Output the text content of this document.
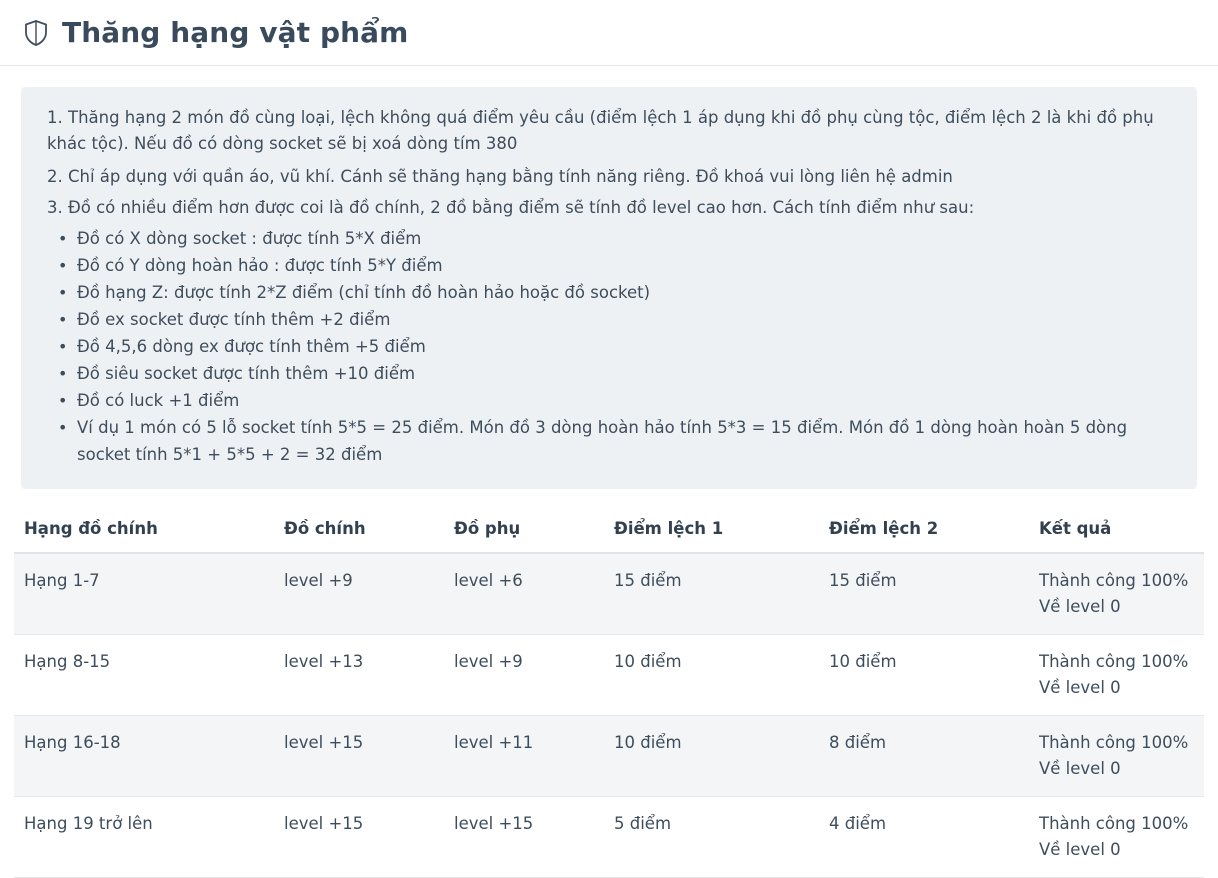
Thăng hạng vật phẩm

1. Thăng hạng 2 món đồ cùng loại, lệch không quá điểm yêu cầu (điểm lệch 1 áp dụng khi đồ phụ cùng tộc, điểm lệch 2 là khi đồ phụ khác tộc). Nếu đồ có dòng socket sẽ bị xoá dòng tím 380

2. Chỉ áp dụng với quần áo, vũ khí. Cánh sẽ thăng hạng bằng tính năng riêng. Đồ khoá vui lòng liên hệ admin

3. Đồ có nhiều điểm hơn được coi là đồ chính, 2 đồ bằng điểm sẽ tính đồ level cao hơn. Cách tính điểm như sau:

• Đồ có X dòng socket : được tính 5*X điểm
• Đồ có Y dòng hoàn hảo : được tính 5*Y điểm
• Đồ hạng Z: được tính 2*Z điểm (chỉ tính đồ hoàn hảo hoặc đồ socket)
• Đồ ex socket được tính thêm +2 điểm
• Đồ 4,5,6 dòng ex được tính thêm +5 điểm
• Đồ siêu socket được tính thêm +10 điểm
• Đồ có luck +1 điểm
• Ví dụ 1 món có 5 lỗ socket tính 5*5 = 25 điểm. Món đồ 3 dòng hoàn hảo tính 5*3 = 15 điểm. Món đồ 1 dòng hoàn hoàn 5 dòng socket tính 5*1 + 5*5 + 2 = 32 điểm
Hạng đồ chính	Đồ chính	Đồ phụ	Điểm lệch 1	Điểm lệch 2	Kết quả
Hạng 1-7	level +9	level +6	15 điểm	15 điểm	Thành công 100%
Về level 0

Hạng 8-15	level +13	level +9	10 điểm	10 điểm	Thành công 100%
Về level 0

Hạng 16-18	level +15	level +11	10 điểm	8 điểm	Thành công 100%
Về level 0

Hạng 19 trở lên	level +15	level +15	5 điểm	4 điểm	Thành công 100%
Về level 0
